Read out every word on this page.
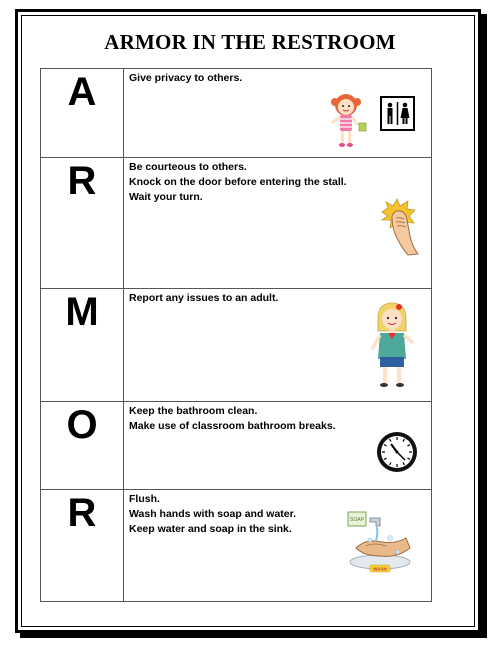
ARMOR IN THE RESTROOM
A	Give privacy to others.

R	Be courteous to others.
Knock on the door before entering the stall.
Wait your turn.

M	Report any issues to an adult.

O	Keep the bathroom clean.
Make use of classroom bathroom breaks.

R	Flush.
Wash hands with soap and water.
Keep water and soap in the sink.
SOAP
WASH
